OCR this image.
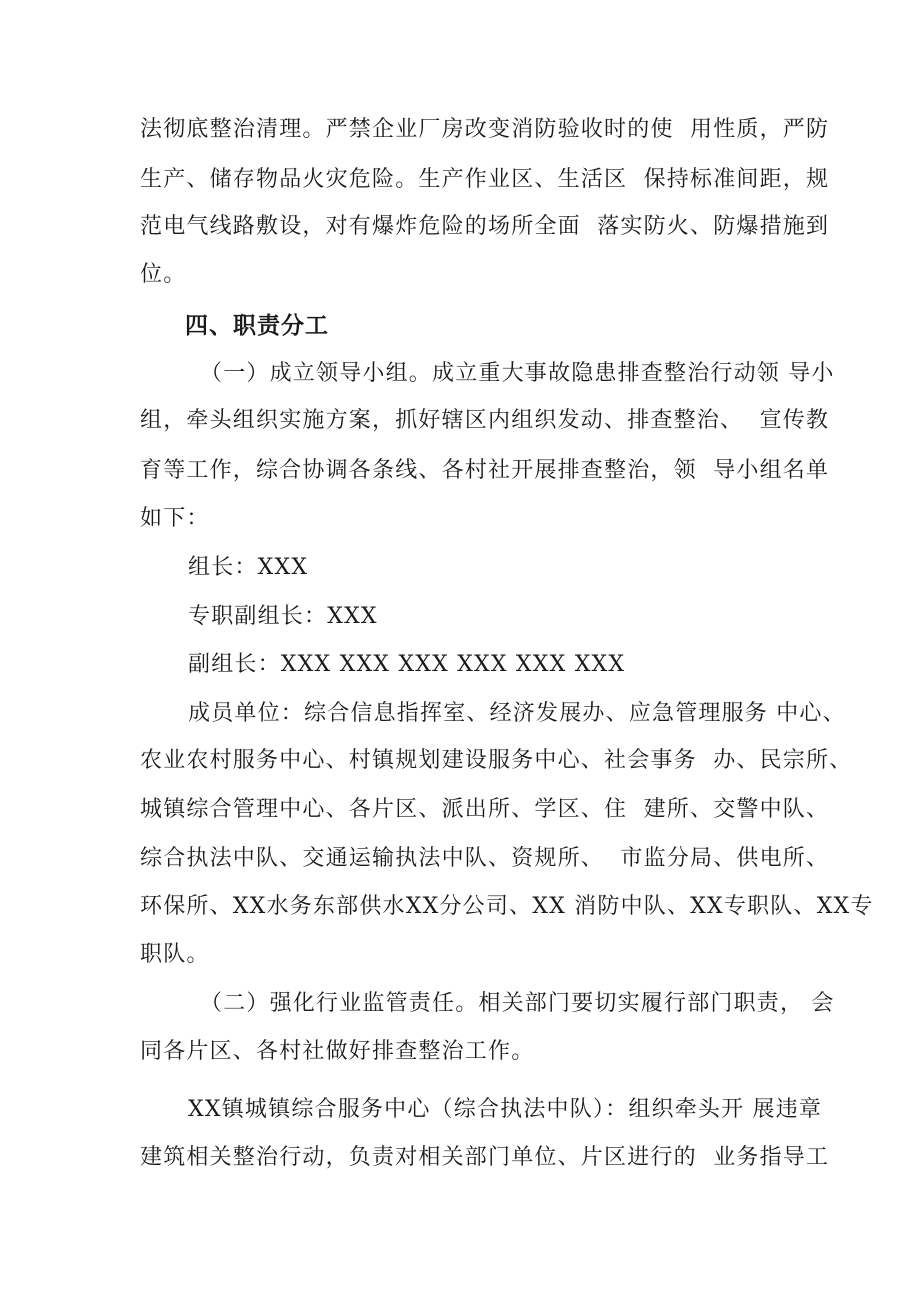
法彻底整治清理。严禁企业厂房改变消防验收时的使  用性质，严防
生产、储存物品火灾危险。生产作业区、生活区  保持标准间距，规
范电气线路敷设，对有爆炸危险的场所全面  落实防火、防爆措施到
位。
四、职责分工
（一）成立领导小组。成立重大事故隐患排查整治行动领 导小
组，牵头组织实施方案，抓好辖区内组织发动、排查整治、  宣传教
育等工作，综合协调各条线、各村社开展排查整治，领  导小组名单
如下：
组长：XXX
专职副组长：XXX
副组长：XXX XXX XXX XXX XXX XXX
成员单位：综合信息指挥室、经济发展办、应急管理服务 中心、
农业农村服务中心、村镇规划建设服务中心、社会事务  办、民宗所、
城镇综合管理中心、各片区、派出所、学区、住  建所、交警中队、
综合执法中队、交通运输执法中队、资规所、  市监分局、供电所、
环保所、XX水务东部供水XX分公司、XX 消防中队、XX专职队、XX专
职队。
（二）强化行业监管责任。相关部门要切实履行部门职责， 会
同各片区、各村社做好排查整治工作。
XX镇城镇综合服务中心（综合执法中队）：组织牵头开 展违章
建筑相关整治行动，负责对相关部门单位、片区进行的  业务指导工
